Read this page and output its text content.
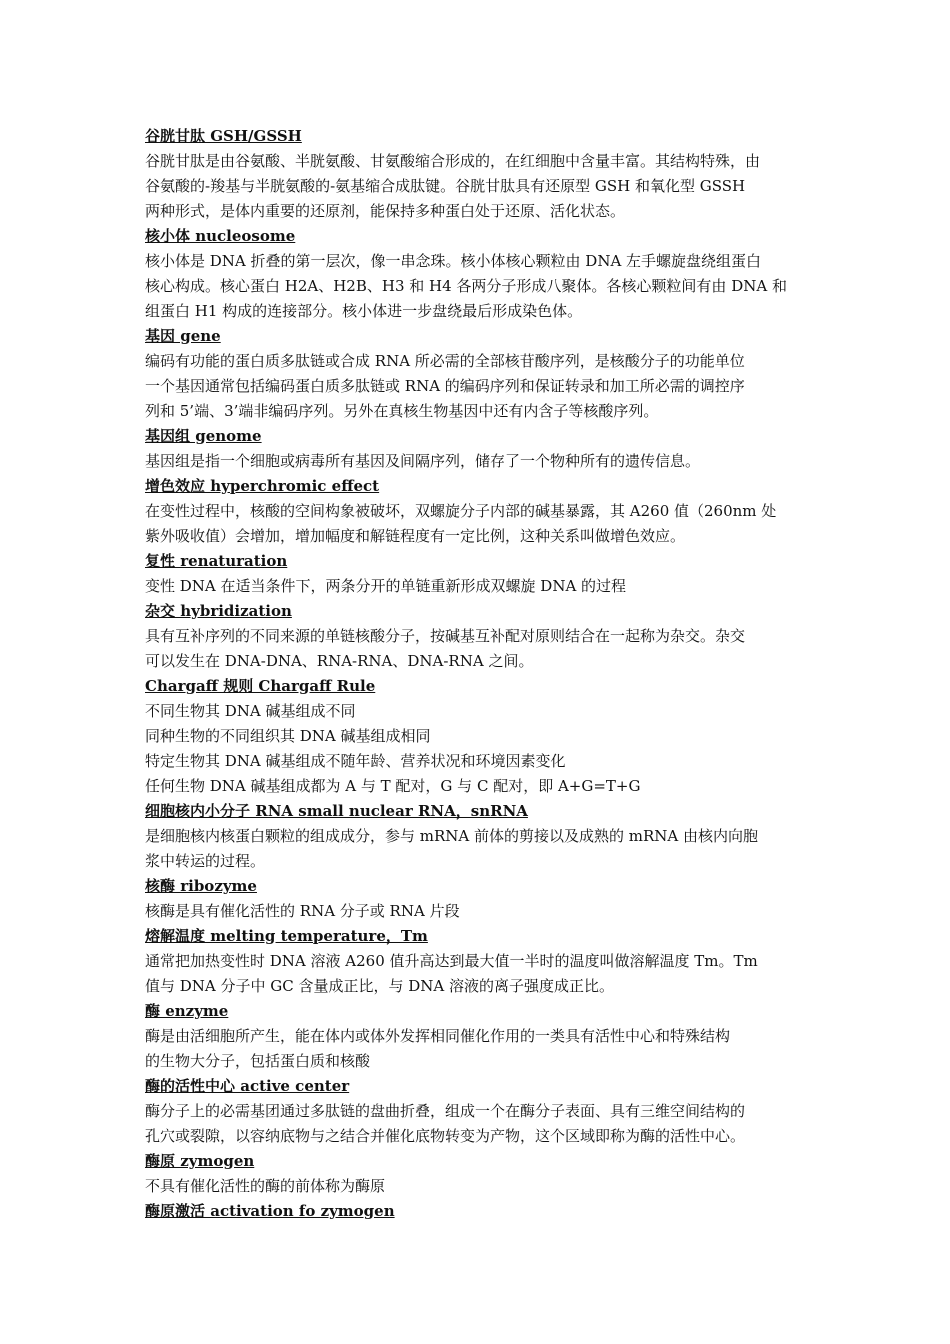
谷胱甘肽 GSH/GSSH
谷胱甘肽是由谷氨酸、半胱氨酸、甘氨酸缩合形成的，在红细胞中含量丰富。其结构特殊，由
谷氨酸的-羧基与半胱氨酸的-氨基缩合成肽键。谷胱甘肽具有还原型 GSH 和氧化型 GSSH
两种形式，是体内重要的还原剂，能保持多种蛋白处于还原、活化状态。
核小体 nucleosome
核小体是 DNA 折叠的第一层次，像一串念珠。核小体核心颗粒由 DNA 左手螺旋盘绕组蛋白
核心构成。核心蛋白 H2A、H2B、H3 和 H4 各两分子形成八聚体。各核心颗粒间有由 DNA 和
组蛋白 H1 构成的连接部分。核小体进一步盘绕最后形成染色体。
基因 gene
编码有功能的蛋白质多肽链或合成 RNA 所必需的全部核苷酸序列，是核酸分子的功能单位
一个基因通常包括编码蛋白质多肽链或 RNA 的编码序列和保证转录和加工所必需的调控序
列和 5’端、3’端非编码序列。另外在真核生物基因中还有内含子等核酸序列。
基因组 genome
基因组是指一个细胞或病毒所有基因及间隔序列，储存了一个物种所有的遗传信息。
增色效应 hyperchromic effect
在变性过程中，核酸的空间构象被破坏，双螺旋分子内部的碱基暴露，其 A260 值（260nm 处
紫外吸收值）会增加，增加幅度和解链程度有一定比例，这种关系叫做增色效应。
复性 renaturation
变性 DNA 在适当条件下，两条分开的单链重新形成双螺旋 DNA 的过程
杂交 hybridization
具有互补序列的不同来源的单链核酸分子，按碱基互补配对原则结合在一起称为杂交。杂交
可以发生在 DNA-DNA、RNA-RNA、DNA-RNA 之间。
Chargaff 规则 Chargaff Rule
不同生物其 DNA 碱基组成不同
同种生物的不同组织其 DNA 碱基组成相同
特定生物其 DNA 碱基组成不随年龄、营养状况和环境因素变化
任何生物 DNA 碱基组成都为 A 与 T 配对，G 与 C 配对，即 A+G=T+G
细胞核内小分子 RNA small nuclear RNA，snRNA
是细胞核内核蛋白颗粒的组成成分，参与 mRNA 前体的剪接以及成熟的 mRNA 由核内向胞
浆中转运的过程。
核酶 ribozyme
核酶是具有催化活性的 RNA 分子或 RNA 片段
熔解温度 melting temperature，Tm
通常把加热变性时 DNA 溶液 A260 值升高达到最大值一半时的温度叫做溶解温度 Tm。Tm
值与 DNA 分子中 GC 含量成正比，与 DNA 溶液的离子强度成正比。
酶 enzyme
酶是由活细胞所产生，能在体内或体外发挥相同催化作用的一类具有活性中心和特殊结构
的生物大分子，包括蛋白质和核酸
酶的活性中心 active center
酶分子上的必需基团通过多肽链的盘曲折叠，组成一个在酶分子表面、具有三维空间结构的
孔穴或裂隙，以容纳底物与之结合并催化底物转变为产物，这个区域即称为酶的活性中心。
酶原 zymogen
不具有催化活性的酶的前体称为酶原
酶原激活 activation fo zymogen
